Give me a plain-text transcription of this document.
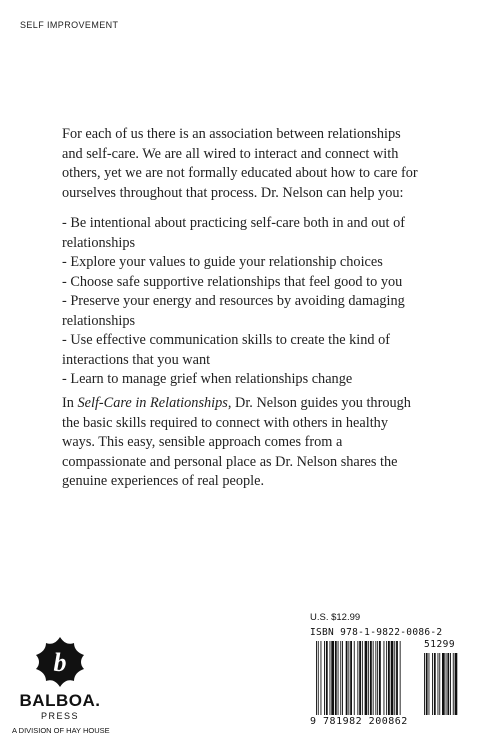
SELF IMPROVEMENT

For each of us there is an association between relationships and self-care. We are all wired to interact and connect with others, yet we are not formally educated about how to care for ourselves throughout that process. Dr. Nelson can help you:

- Be intentional about practicing self-care both in and out of relationships
- Explore your values to guide your relationship choices
- Choose safe supportive relationships that feel good to you
- Preserve your energy and resources by avoiding damaging relationships
- Use effective communication skills to create the kind of interactions that you want
- Learn to manage grief when relationships change

In Self-Care in Relationships, Dr. Nelson guides you through the basic skills required to connect with others in healthy ways. This easy, sensible approach comes from a compassionate and personal place as Dr. Nelson shares the genuine experiences of real people.

b
BALBOA.
PRESS
A DIVISION OF HAY HOUSE
U.S. $12.99
ISBN 978-1-9822-0086-2
51299
9 781982 200862
